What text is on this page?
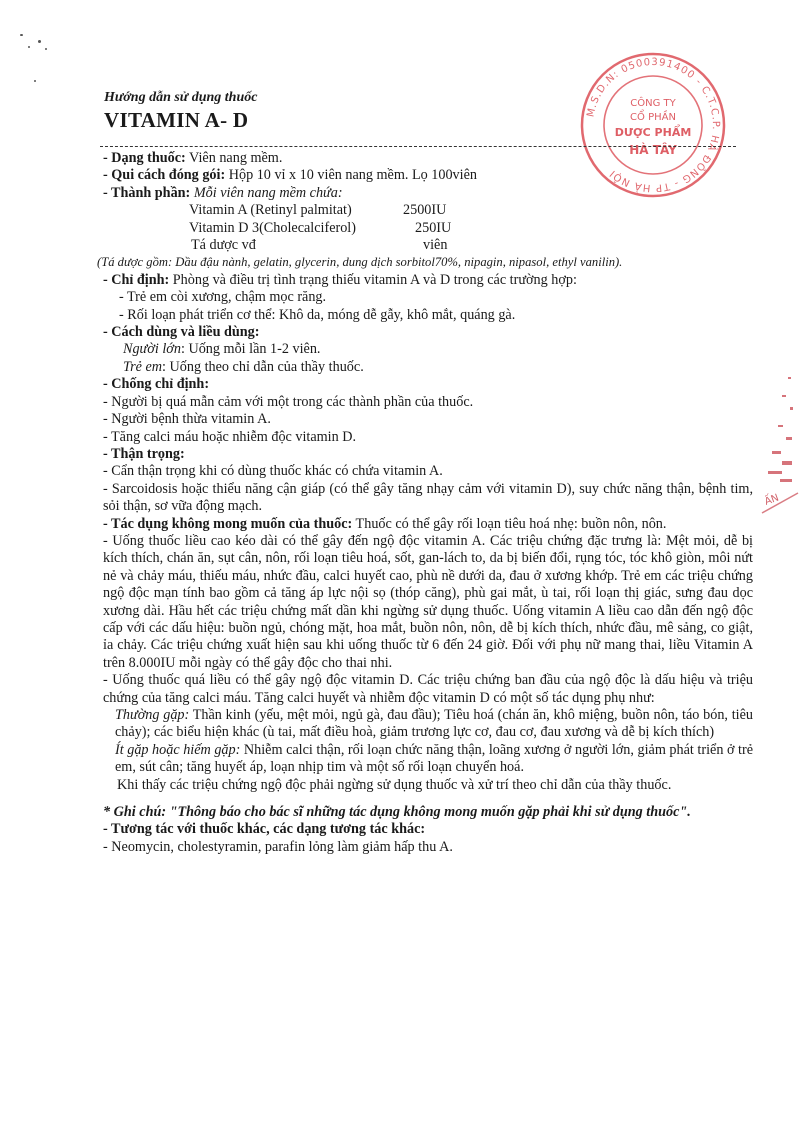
Hướng dẫn sử dụng thuốc

VITAMIN A- D	M.S.D.N: 0500391400 - C.T.C.P. HÀ ĐÔNG - TP HÀ NỘI
CÔNG TY
CỔ PHẦN
DƯỢC PHẨM
HÀ TÂY
ẤN

- Dạng thuốc: Viên nang mềm.

- Qui cách đóng gói: Hộp 10 vỉ x 10 viên nang mềm. Lọ 100viên

- Thành phần: Mỗi viên nang mềm chứa:

Vitamin A (Retinyl palmitat)	2500IU
Vitamin D 3(Cholecalciferol)	250IU
Tá dược vđ	viên

(Tá dược gồm: Dầu đậu nành, gelatin, glycerin, dung dịch sorbitol70%, nipagin, nipasol, ethyl vanilin).

- Chỉ định: Phòng và điều trị tình trạng thiếu vitamin A và D trong các trường hợp:

- Trẻ em còi xương, chậm mọc răng.

- Rối loạn phát triển cơ thể: Khô da, móng dễ gẫy, khô mắt, quáng gà.

- Cách dùng và liều dùng:

Người lớn: Uống mỗi lần 1-2 viên.

Trẻ em: Uống theo chỉ dẫn của thầy thuốc.

- Chống chỉ định:

- Người bị quá mẫn cảm với một trong các thành phần của thuốc.

- Người bệnh thừa vitamin A.

- Tăng calci máu hoặc nhiễm độc vitamin D.

- Thận trọng:

- Cẩn thận trọng khi có dùng thuốc khác có chứa vitamin A.

- Sarcoidosis hoặc thiểu năng cận giáp (có thể gây tăng nhạy cảm với vitamin D), suy chức năng thận, bệnh tim, sỏi thận, sơ vữa động mạch.

- Tác dụng không mong muốn của thuốc: Thuốc có thể gây rối loạn tiêu hoá nhẹ: buồn nôn, nôn.

- Uống thuốc liều cao kéo dài có thể gây đến ngộ độc vitamin A. Các triệu chứng đặc trưng là: Mệt mỏi, dễ bị kích thích, chán ăn, sụt cân, nôn, rối loạn tiêu hoá, sốt, gan-lách to, da bị biến đổi, rụng tóc, tóc khô giòn, môi nứt nẻ và chảy máu, thiếu máu, nhức đầu, calci huyết cao, phù nề dưới da, đau ở xương khớp. Trẻ em các triệu chứng ngộ độc mạn tính bao gồm cả tăng áp lực nội sọ (thóp căng), phù gai mắt, ù tai, rối loạn thị giác, sưng đau dọc xương dài. Hầu hết các triệu chứng mất dần khi ngừng sử dụng thuốc. Uống vitamin A liều cao dẫn đến ngộ độc cấp với các dấu hiệu: buồn ngủ, chóng mặt, hoa mắt, buồn nôn, nôn, dễ bị kích thích, nhức đầu, mê sảng, co giật, ỉa chảy. Các triệu chứng xuất hiện sau khi uống thuốc từ 6 đến 24 giờ. Đối với phụ nữ mang thai, liều Vitamin A trên 8.000IU mỗi ngày có thể gây độc cho thai nhi.

- Uống thuốc quá liều có thể gây ngộ độc vitamin D. Các triệu chứng ban đầu của ngộ độc là dấu hiệu và triệu chứng của tăng calci máu. Tăng calci huyết và nhiễm độc vitamin D có một số tác dụng phụ như:

Thường gặp: Thần kinh (yếu, mệt mỏi, ngủ gà, đau đầu); Tiêu hoá (chán ăn, khô miệng, buồn nôn, táo bón, tiêu chảy); các biểu hiện khác (ù tai, mất điều hoà, giảm trương lực cơ, đau cơ, đau xương và dễ bị kích thích)

Ít gặp hoặc hiếm gặp: Nhiễm calci thận, rối loạn chức năng thận, loãng xương ở người lớn, giảm phát triển ở trẻ em, sút cân; tăng huyết áp, loạn nhịp tim và một số rối loạn chuyển hoá.

Khi thấy các triệu chứng ngộ độc phải ngừng sử dụng thuốc và xử trí theo chỉ dẫn của thầy thuốc.

* Ghi chú: "Thông báo cho bác sĩ những tác dụng không mong muốn gặp phải khi sử dụng thuốc".

- Tương tác với thuốc khác, các dạng tương tác khác:

- Neomycin, cholestyramin, parafin lỏng làm giảm hấp thu A.
